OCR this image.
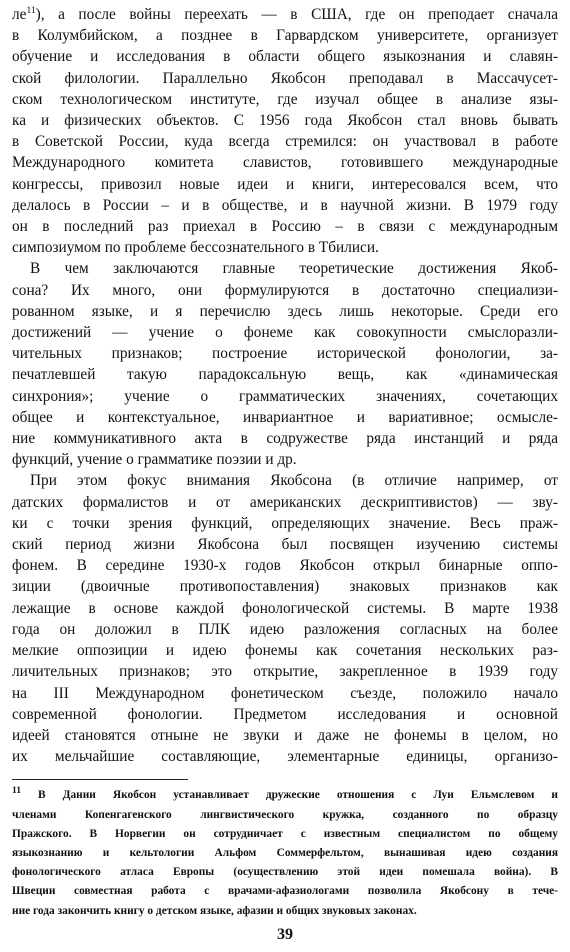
$ле^{11}$), а после войны переехать — в США, где он преподает сначала
в Колумбийском, а позднее в Гарвардском университете, организует
обучение и исследования в области общего языкознания и славян-
ской филологии. Параллельно Якобсон преподавал в Массачусет-
ском технологическом институте, где изучал общее в анализе язы-
ка и физических объектов. С 1956 года Якобсон стал вновь бывать
в Советской России, куда всегда стремился: он участвовал в работе
Международного комитета славистов, готовившего международные
конгрессы, привозил новые идеи и книги, интересовался всем, что
делалось в России – и в обществе, и в научной жизни. В 1979 году
он в последний раз приехал в Россию – в связи с международным
симпозиумом по проблеме бессознательного в Тбилиси.
В чем заключаются главные теоретические достижения Якоб-
сона? Их много, они формулируются в достаточно специализи-
рованном языке, и я перечислю здесь лишь некоторые. Среди его
достижений — учение о фонеме как совокупности смыслоразли-
чительных признаков; построение исторической фонологии, за-
печатлевшей такую парадоксальную вещь, как «динамическая
синхрония»; учение о грамматических значениях, сочетающих
общее и контекстуальное, инвариантное и вариативное; осмысле-
ние коммуникативного акта в содружестве ряда инстанций и ряда
функций, учение о грамматике поэзии и др.
При этом фокус внимания Якобсона (в отличие например, от
датских формалистов и от американских дескриптивистов) — зву-
ки с точки зрения функций, определяющих значение. Весь праж-
ский период жизни Якобсона был посвящен изучению системы
фонем. В середине 1930-х годов Якобсон открыл бинарные оппо-
зиции (двоичные противопоставления) знаковых признаков как
лежащие в основе каждой фонологической системы. В марте 1938
года он доложил в ПЛК идею разложения согласных на более
мелкие оппозиции и идею фонемы как сочетания нескольких раз-
личительных признаков; это открытие, закрепленное в 1939 году
на III Международном фонетическом съезде, положило начало
современной фонологии. Предметом исследования и основной
идеей становятся отныне не звуки и даже не фонемы в целом, но
их мельчайшие составляющие, элементарные единицы, организо-
$^{11}$ В Дании Якобсон устанавливает дружеские отношения с Луи Ельмслевом и
членами Копенгагенского лингвистического кружка, созданного по образцу
Пражского. В Норвегии он сотрудничает с известным специалистом по общему
языкознанию и кельтологии Альфом Соммерфельтом, вынашивая идею создания
фонологического атласа Европы (осуществлению этой идеи помешала война). В
Швеции совместная работа с врачами-афазиологами позволила Якобсону в тече-
ние года закончить книгу о детском языке, афазии и общих звуковых законах.
39
